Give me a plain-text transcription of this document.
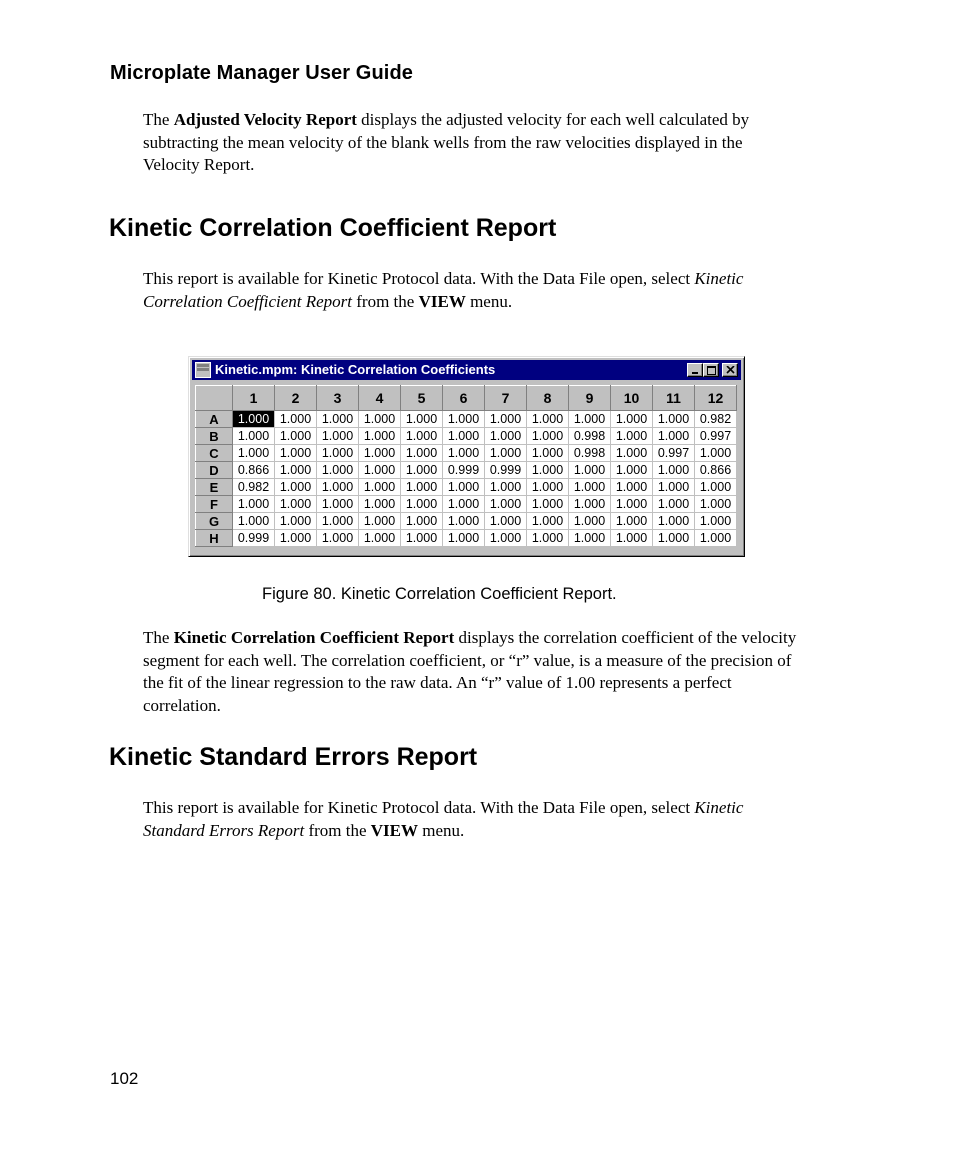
Microplate Manager User Guide

The Adjusted Velocity Report displays the adjusted velocity for each well calculated by subtracting the mean velocity of the blank wells from the raw velocities displayed in the Velocity Report.

Kinetic Correlation Coefficient Report

This report is available for Kinetic Protocol data. With the Data File open, select Kinetic Correlation Coefficient Report from the VIEW menu.

Kinetic.mpm: Kinetic Correlation Coefficients
	1	2	3	4	5	6	7	8	9	10	11	12
A	1.000	1.000	1.000	1.000	1.000	1.000	1.000	1.000	1.000	1.000	1.000	0.982
B	1.000	1.000	1.000	1.000	1.000	1.000	1.000	1.000	0.998	1.000	1.000	0.997
C	1.000	1.000	1.000	1.000	1.000	1.000	1.000	1.000	0.998	1.000	0.997	1.000
D	0.866	1.000	1.000	1.000	1.000	0.999	0.999	1.000	1.000	1.000	1.000	0.866
E	0.982	1.000	1.000	1.000	1.000	1.000	1.000	1.000	1.000	1.000	1.000	1.000
F	1.000	1.000	1.000	1.000	1.000	1.000	1.000	1.000	1.000	1.000	1.000	1.000
G	1.000	1.000	1.000	1.000	1.000	1.000	1.000	1.000	1.000	1.000	1.000	1.000
H	0.999	1.000	1.000	1.000	1.000	1.000	1.000	1.000	1.000	1.000	1.000	1.000
Figure 80. Kinetic Correlation Coefficient Report.

The Kinetic Correlation Coefficient Report displays the correlation coefficient of the velocity segment for each well. The correlation coefficient, or “r” value, is a measure of the precision of the fit of the linear regression to the raw data. An “r” value of 1.00 represents a perfect correlation.

Kinetic Standard Errors Report

This report is available for Kinetic Protocol data. With the Data File open, select Kinetic Standard Errors Report from the VIEW menu.

102
